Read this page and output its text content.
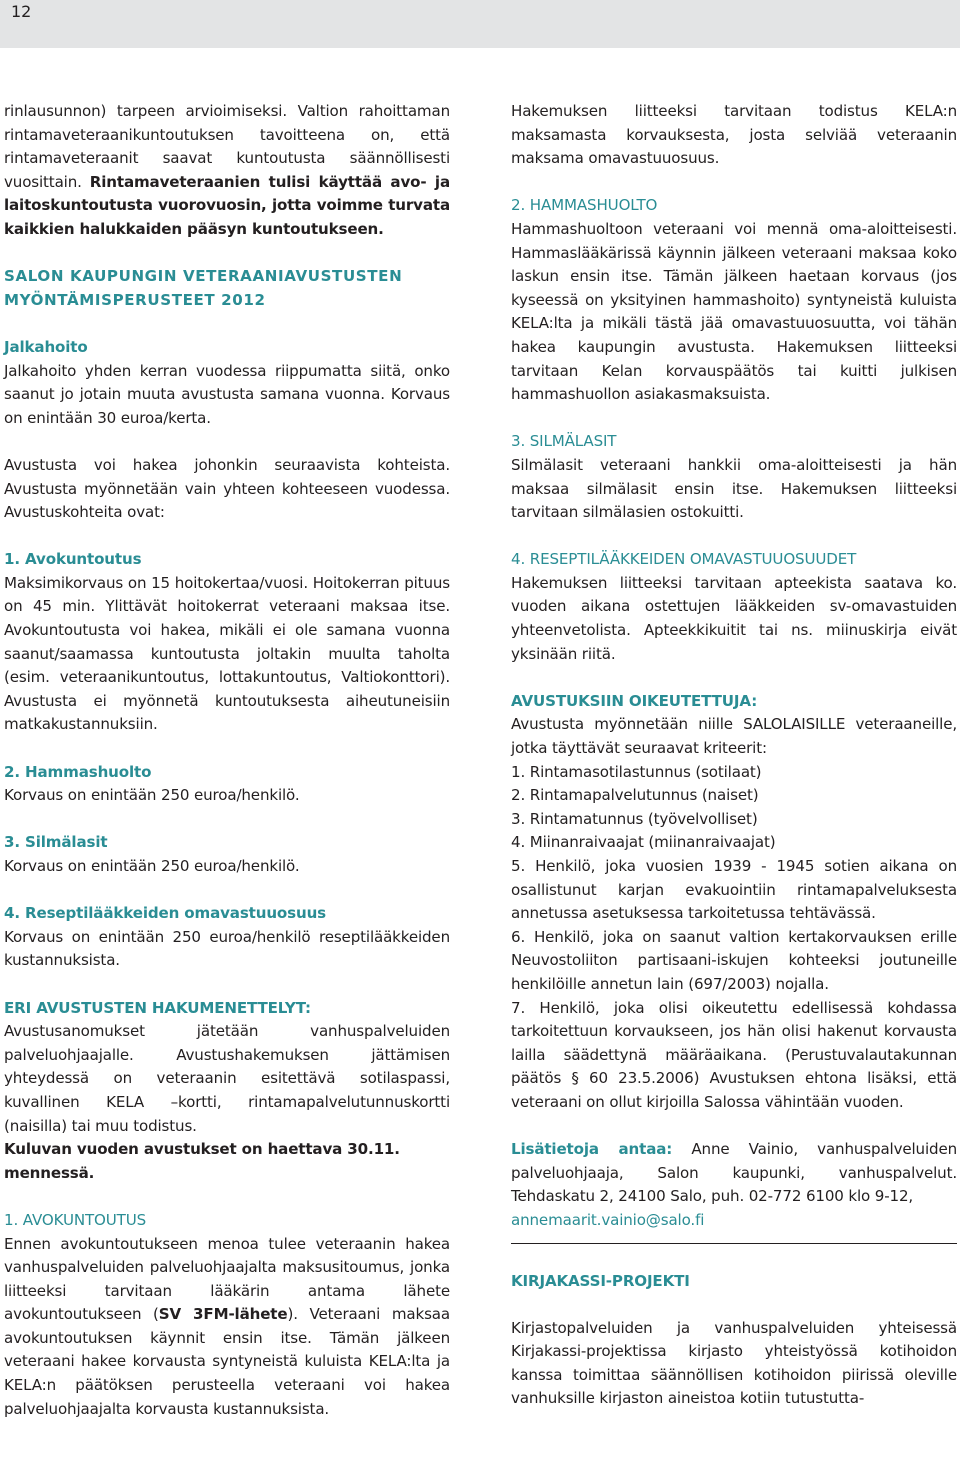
12

rinlausunnon) tarpeen arvioimiseksi. Valtion rahoittaman rintamaveteraanikuntoutuksen tavoitteena on, että rintamaveteraanit saavat kuntoutusta säännöllisesti vuosittain. Rintamaveteraanien tulisi käyttää avo- ja laitoskuntoutusta vuorovuosin, jotta voimme turvata kaikkien halukkaiden pääsyn kuntoutukseen.

SALON KAUPUNGIN VETERAANIAVUSTUSTEN MYÖNTÄMISPERUSTEET 2012

Jalkahoito
Jalkahoito yhden kerran vuodessa riippumatta siitä, onko saanut jo jotain muuta avustusta samana vuonna. Korvaus on enintään 30 euroa/kerta.

Avustusta voi hakea johonkin seuraavista kohteista. Avustusta myönnetään vain yhteen kohteeseen vuodessa. Avustuskohteita ovat:

1. Avokuntoutus
Maksimikorvaus on 15 hoitokertaa/vuosi. Hoitokerran pituus on 45 min. Ylittävät hoitokerrat veteraani maksaa itse. Avokuntoutusta voi hakea, mikäli ei ole samana vuonna saanut/saamassa kuntoutusta joltakin muulta taholta (esim. veteraanikuntoutus, lottakuntoutus, Valtiokonttori). Avustusta ei myönnetä kuntoutuksesta aiheutuneisiin matkakustannuksiin.

2. Hammashuolto
Korvaus on enintään 250 euroa/henkilö.

3. Silmälasit
Korvaus on enintään 250 euroa/henkilö.

4. Reseptilääkkeiden omavastuuosuus
Korvaus on enintään 250 euroa/henkilö reseptilääkkeiden kustannuksista.

ERI AVUSTUSTEN HAKUMENETTELYT:
Avustusanomukset jätetään vanhuspalveluiden palveluohjaajalle. Avustushakemuksen jättämisen yhteydessä on veteraanin esitettävä sotilaspassi, kuvallinen KELA –kortti, rintamapalvelutunnuskortti (naisilla) tai muu todistus.

Kuluvan vuoden avustukset on haettava 30.11. mennessä.

1. AVOKUNTOUTUS
Ennen avokuntoutukseen menoa tulee veteraanin hakea vanhuspalveluiden palveluohjaajalta maksusitoumus, jonka liitteeksi tarvitaan lääkärin antama lähete avokuntoutukseen (SV 3FM-lähete). Veteraani maksaa avokuntoutuksen käynnit ensin itse. Tämän jälkeen veteraani hakee korvausta syntyneistä kuluista KELA:lta ja KELA:n päätöksen perusteella veteraani voi hakea palveluohjaajalta korvausta kustannuksista.

Hakemuksen liitteeksi tarvitaan todistus KELA:n maksamasta korvauksesta, josta selviää veteraanin maksama omavastuuosuus.

2. HAMMASHUOLTO
Hammashuoltoon veteraani voi mennä oma-aloitteisesti. Hammaslääkärissä käynnin jälkeen veteraani maksaa koko laskun ensin itse. Tämän jälkeen haetaan korvaus (jos kyseessä on yksityinen hammashoito) syntyneistä kuluista KELA:lta ja mikäli tästä jää omavastuuosuutta, voi tähän hakea kaupungin avustusta. Hakemuksen liitteeksi tarvitaan Kelan korvauspäätös tai kuitti julkisen hammashuollon asiakasmaksuista.

3. SILMÄLASIT
Silmälasit veteraani hankkii oma-aloitteisesti ja hän maksaa silmälasit ensin itse. Hakemuksen liitteeksi tarvitaan silmälasien ostokuitti.

4. RESEPTILÄÄKKEIDEN OMAVASTUUOSUUDET
Hakemuksen liitteeksi tarvitaan apteekista saatava ko. vuoden aikana ostettujen lääkkeiden sv-omavastuiden yhteenvetolista. Apteekkikuitit tai ns. miinuskirja eivät yksinään riitä.

AVUSTUKSIIN OIKEUTETTUJA:
Avustusta myönnetään niille SALOLAISILLE veteraaneille, jotka täyttävät seuraavat kriteerit:

1. Rintamasotilastunnus (sotilaat)
2. Rintamapalvelutunnus (naiset)
3. Rintamatunnus (työvelvolliset)
4. Miinanraivaajat (miinanraivaajat)
5. Henkilö, joka vuosien 1939 - 1945 sotien aikana on osallistunut karjan evakuointiin rintamapalveluksesta annetussa asetuksessa tarkoitetussa tehtävässä.
6. Henkilö, joka on saanut valtion kertakorvauksen erille Neuvostoliiton partisaani-iskujen kohteeksi joutuneille henkilöille annetun lain (697/2003) nojalla.
7. Henkilö, joka olisi oikeutettu edellisessä kohdassa tarkoitettuun korvaukseen, jos hän olisi hakenut korvausta lailla säädettynä määräaikana. (Perustuvalautakunnan päätös § 60 23.5.2006) Avustuksen ehtona lisäksi, että veteraani on ollut kirjoilla Salossa vähintään vuoden.

Lisätietoja antaa: Anne Vainio, vanhuspalveluiden palveluohjaaja, Salon kaupunki, vanhuspalvelut. Tehdaskatu 2, 24100 Salo, puh. 02-772 6100 klo 9-12,
annemaarit.vainio@salo.fi

KIRJAKASSI-PROJEKTI

Kirjastopalveluiden ja vanhuspalveluiden yhteisessä Kirjakassi-projektissa kirjasto yhteistyössä kotihoidon kanssa toimittaa säännöllisen kotihoidon piirissä oleville vanhuksille kirjaston aineistoa kotiin tutustutta-
